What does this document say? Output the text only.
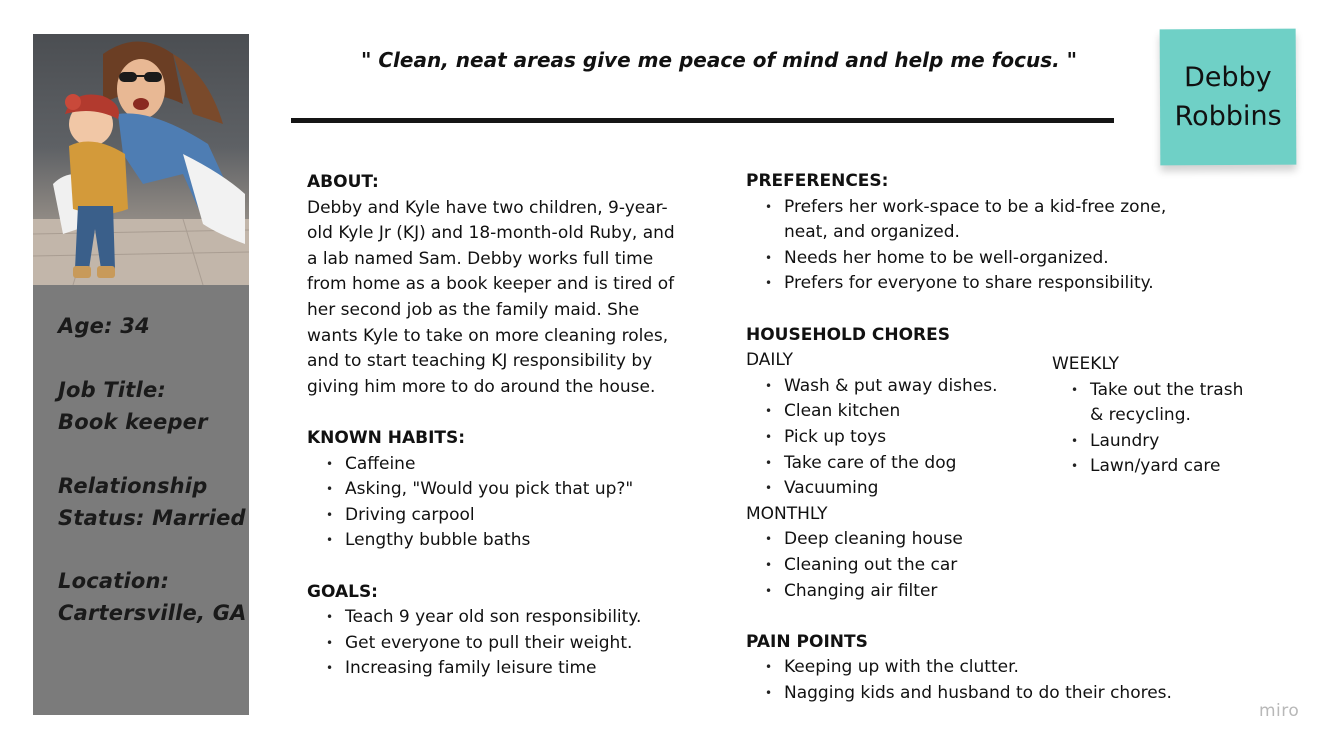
Age: 34
Job Title:
Book keeper
Relationship
Status: Married
Location:
Cartersville, GA
" Clean, neat areas give me peace of mind and help me focus. "
Debby
Robbins
ABOUT:
Debby and Kyle have two children, 9-year-
old Kyle Jr (KJ) and 18-month-old Ruby, and
a lab named Sam. Debby works full time
from home as a book keeper and is tired of
her second job as the family maid. She
wants Kyle to take on more cleaning roles,
and to start teaching KJ responsibility by
giving him more to do around the house.
KNOWN HABITS:
• Caffeine
• Asking, "Would you pick that up?"
• Driving carpool
• Lengthy bubble baths
GOALS:
• Teach 9 year old son responsibility.
• Get everyone to pull their weight.
• Increasing family leisure time
PREFERENCES:
• Prefers her work-space to be a kid-free zone,
neat, and organized.
• Needs her home to be well-organized.
• Prefers for everyone to share responsibility.
HOUSEHOLD CHORES
DAILY
• Wash & put away dishes.
• Clean kitchen
• Pick up toys
• Take care of the dog
• Vacuuming
MONTHLY
• Deep cleaning house
• Cleaning out the car
• Changing air filter
PAIN POINTS
• Keeping up with the clutter.
• Nagging kids and husband to do their chores.
WEEKLY
• Take out the trash
& recycling.
• Laundry
• Lawn/yard care
miro
